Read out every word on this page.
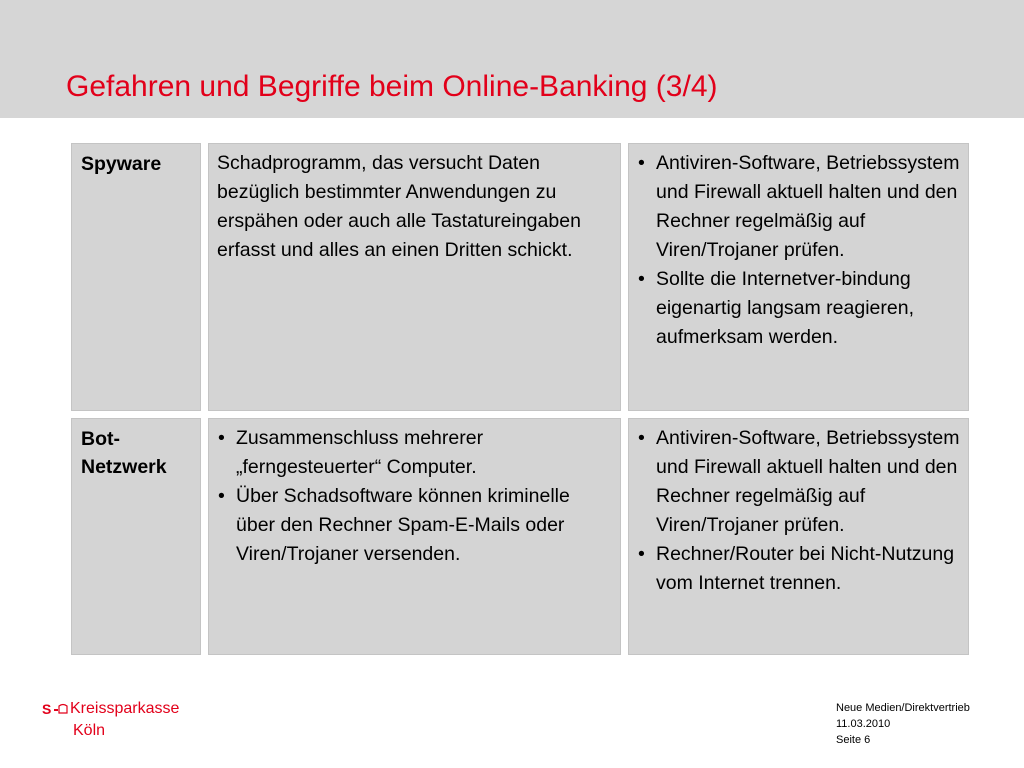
Gefahren und Begriffe beim Online-Banking (3/4)
Spyware	Schadprogramm, das versucht Daten bezüglich bestimmter Anwendungen zu erspähen oder auch alle Tastatureingaben erfasst und alles an einen Dritten schickt.
• Antiviren-Software, Betriebssystem und Firewall aktuell halten und den Rechner regelmäßig auf Viren/Trojaner prüfen.
• Sollte die Internetver-bindung eigenartig langsam reagieren, aufmerksam werden.
Bot-Netzwerk
• Zusammenschluss mehrerer „ferngesteuerter“ Computer.
• Über Schadsoftware können kriminelle über den Rechner Spam-E-Mails oder Viren/Trojaner versenden.
• Antiviren-Software, Betriebssystem und Firewall aktuell halten und den Rechner regelmäßig auf Viren/Trojaner prüfen.
• Rechner/Router bei Nicht-Nutzung vom Internet trennen.
S Kreissparkasse
Köln
Neue Medien/Direktvertrieb
11.03.2010
Seite 6
